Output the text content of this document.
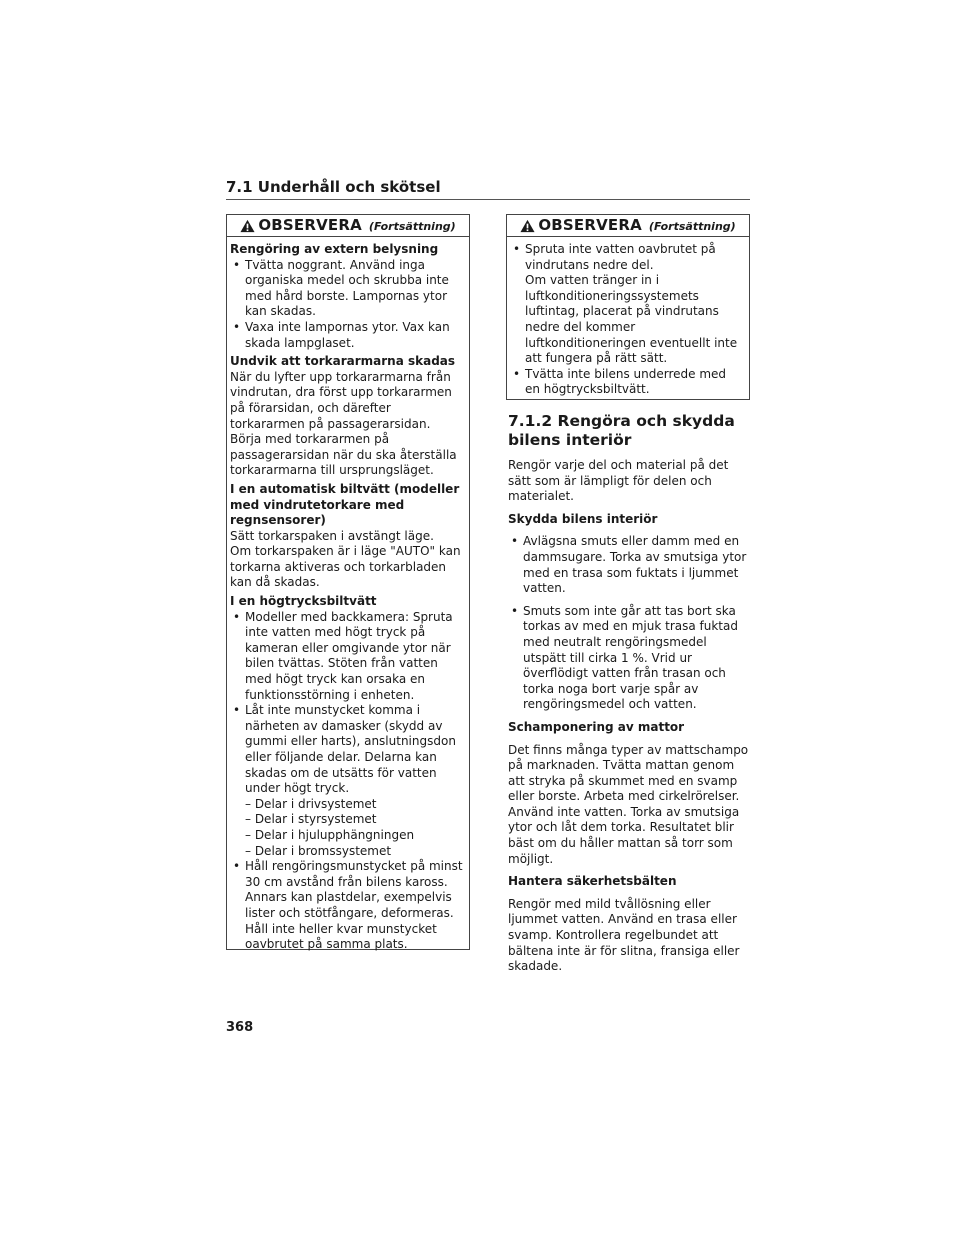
7.1 Underhåll och skötsel
OBSERVERA (Fortsättning)
Rengöring av extern belysning
• Tvätta noggrant. Använd inga organiska medel och skrubba inte med hård borste. Lampornas ytor kan skadas.
• Vaxa inte lampornas ytor. Vax kan skada lampglaset.
Undvik att torkararmarna skadas

När du lyfter upp torkararmarna från vindrutan, dra först upp torkararmen på förarsidan, och därefter torkararmen på passagerarsidan. Börja med torkararmen på passagerarsidan när du ska återställa torkararmarna till ursprungsläget.

I en automatisk biltvätt (modeller med vindrutetorkare med regnsensorer)

Sätt torkarspaken i avstängt läge.
Om torkarspaken är i läge "AUTO" kan torkarna aktiveras och torkarbladen kan då skadas.

I en högtrycksbiltvätt
• Modeller med backkamera: Spruta inte vatten med högt tryck på kameran eller omgivande ytor när bilen tvättas. Stöten från vatten med högt tryck kan orsaka en funktionsstörning i enheten.
• Låt inte munstycket komma i närheten av damasker (skydd av gummi eller harts), anslutningsdon eller följande delar. Delarna kan skadas om de utsätts för vatten under högt tryck.
– Delar i drivsystemet
– Delar i styrsystemet
– Delar i hjulupphängningen
– Delar i bromssystemet
• Håll rengöringsmunstycket på minst 30 cm avstånd från bilens kaross. Annars kan plastdelar, exempelvis lister och stötfångare, deformeras. Håll inte heller kvar munstycket oavbrutet på samma plats.
OBSERVERA (Fortsättning)
• Spruta inte vatten oavbrutet på vindrutans nedre del.
Om vatten tränger in i luftkonditioneringssystemets luftintag, placerat på vindrutans nedre del kommer luftkonditioneringen eventuellt inte att fungera på rätt sätt.
• Tvätta inte bilens underrede med en högtrycksbiltvätt.
7.1.2 Rengöra och skydda bilens interiör

Rengör varje del och material på det sätt som är lämpligt för delen och materialet.

Skydda bilens interiör
• Avlägsna smuts eller damm med en dammsugare. Torka av smutsiga ytor med en trasa som fuktats i ljummet vatten.
• Smuts som inte går att tas bort ska torkas av med en mjuk trasa fuktad med neutralt rengöringsmedel utspätt till cirka 1 %. Vrid ur överflödigt vatten från trasan och torka noga bort varje spår av rengöringsmedel och vatten.
Schamponering av mattor

Det finns många typer av mattschampo på marknaden. Tvätta mattan genom att stryka på skummet med en svamp eller borste. Arbeta med cirkelrörelser. Använd inte vatten. Torka av smutsiga ytor och låt dem torka. Resultatet blir bäst om du håller mattan så torr som möjligt.

Hantera säkerhetsbälten

Rengör med mild tvållösning eller ljummet vatten. Använd en trasa eller svamp. Kontrollera regelbundet att bältena inte är för slitna, fransiga eller skadade.

368
